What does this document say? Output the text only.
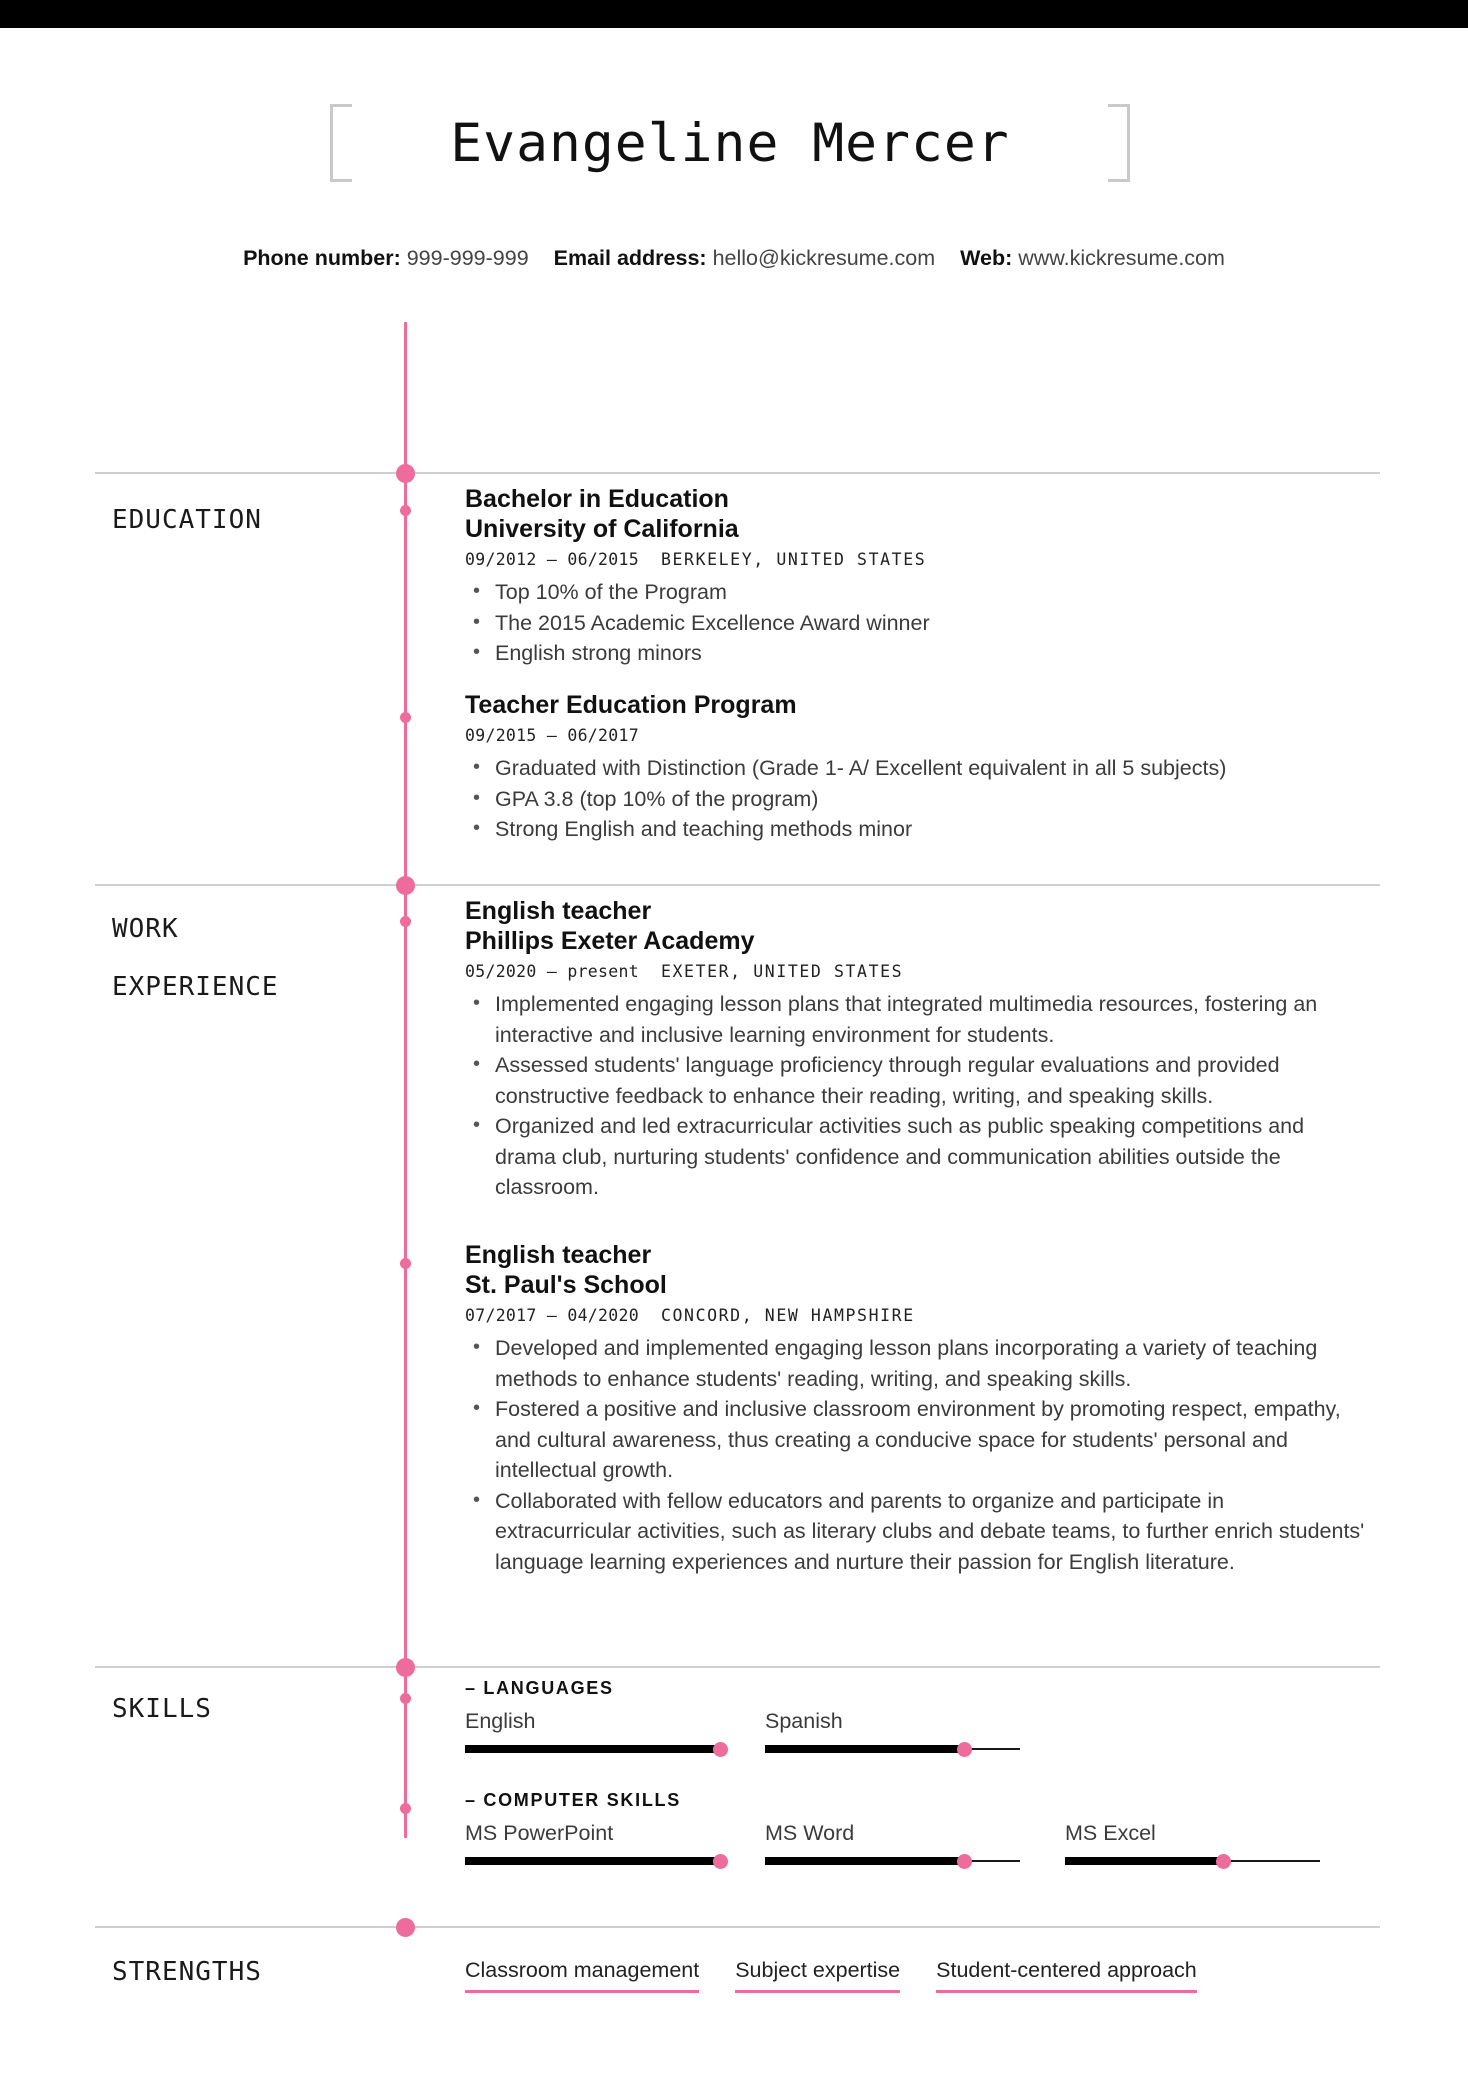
Evangeline Mercer
Phone number: 999-999-999 Email address: hello@kickresume.com Web: www.kickresume.com
EDUCATION
Bachelor in Education
University of California
09/2012 – 06/2015 BERKELEY, UNITED STATES
• Top 10% of the Program
• The 2015 Academic Excellence Award winner
• English strong minors
Teacher Education Program
09/2015 – 06/2017
• Graduated with Distinction (Grade 1- A/ Excellent equivalent in all 5 subjects)
• GPA 3.8 (top 10% of the program)
• Strong English and teaching methods minor
WORK
EXPERIENCE
English teacher
Phillips Exeter Academy
05/2020 – present EXETER, UNITED STATES
• Implemented engaging lesson plans that integrated multimedia resources, fostering an interactive and inclusive learning environment for students.
• Assessed students' language proficiency through regular evaluations and provided constructive feedback to enhance their reading, writing, and speaking skills.
• Organized and led extracurricular activities such as public speaking competitions and drama club, nurturing students' confidence and communication abilities outside the classroom.
English teacher
St. Paul's School
07/2017 – 04/2020 CONCORD, NEW HAMPSHIRE
• Developed and implemented engaging lesson plans incorporating a variety of teaching methods to enhance students' reading, writing, and speaking skills.
• Fostered a positive and inclusive classroom environment by promoting respect, empathy, and cultural awareness, thus creating a conducive space for students' personal and intellectual growth.
• Collaborated with fellow educators and parents to organize and participate in extracurricular activities, such as literary clubs and debate teams, to further enrich students' language learning experiences and nurture their passion for English literature.
SKILLS
– LANGUAGES
English	Spanish
– COMPUTER SKILLS
MS PowerPoint	MS Word	MS Excel
STRENGTHS	Classroom management Subject expertise Student-centered approach
